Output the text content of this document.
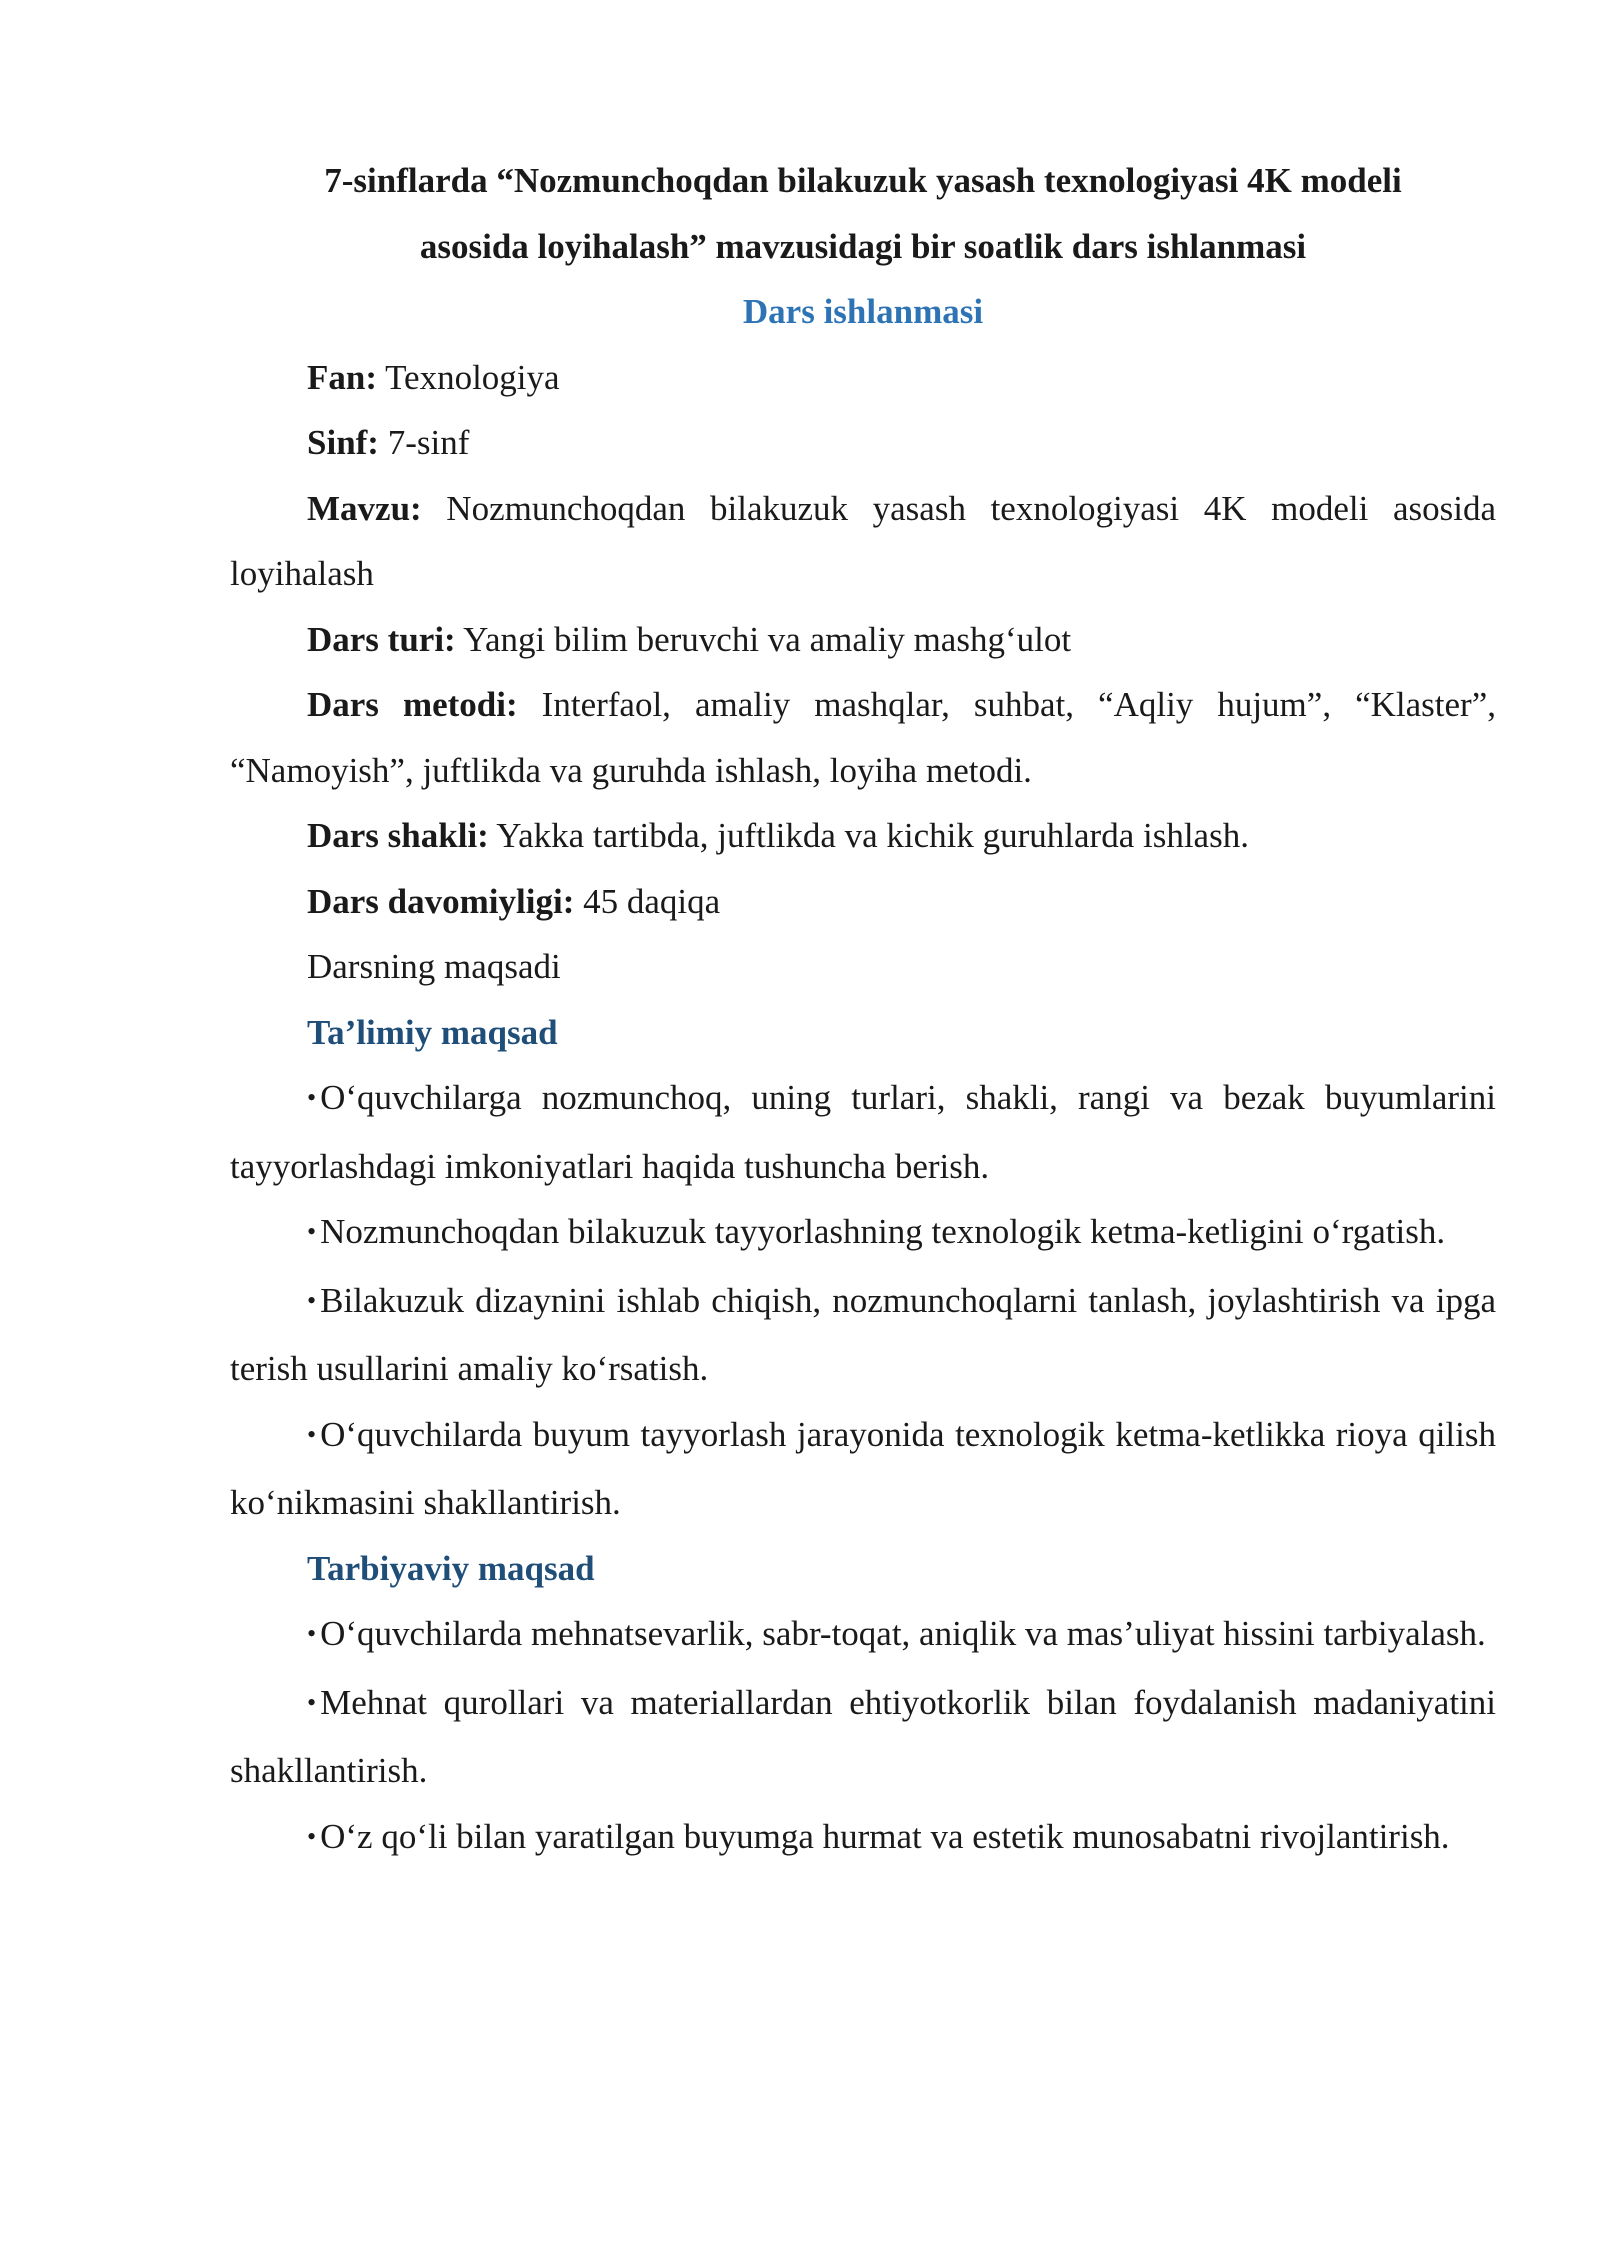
7-sinflarda “Nozmunchoqdan bilakuzuk yasash texnologiyasi 4K modeli

asosida loyihalash” mavzusidagi bir soatlik dars ishlanmasi

Dars ishlanmasi

Fan: Texnologiya

Sinf: 7-sinf

Mavzu: Nozmunchoqdan bilakuzuk yasash texnologiyasi 4K modeli asosida loyihalash

Dars turi: Yangi bilim beruvchi va amaliy mashg‘ulot

Dars metodi: Interfaol, amaliy mashqlar, suhbat, “Aqliy hujum”, “Klaster”, “Namoyish”, juftlikda va guruhda ishlash, loyiha metodi.

Dars shakli: Yakka tartibda, juftlikda va kichik guruhlarda ishlash.

Dars davomiyligi: 45 daqiqa

Darsning maqsadi

Ta’limiy maqsad

• O‘quvchilarga nozmunchoq, uning turlari, shakli, rangi va bezak buyumlarini tayyorlashdagi imkoniyatlari haqida tushuncha berish.

• Nozmunchoqdan bilakuzuk tayyorlashning texnologik ketma-ketligini o‘rgatish.

• Bilakuzuk dizaynini ishlab chiqish, nozmunchoqlarni tanlash, joylashtirish va ipga terish usullarini amaliy ko‘rsatish.

• O‘quvchilarda buyum tayyorlash jarayonida texnologik ketma-ketlikka rioya qilish ko‘nikmasini shakllantirish.

Tarbiyaviy maqsad

• O‘quvchilarda mehnatsevarlik, sabr-toqat, aniqlik va mas’uliyat hissini tarbiyalash.

• Mehnat qurollari va materiallardan ehtiyotkorlik bilan foydalanish madaniyatini shakllantirish.

• O‘z qo‘li bilan yaratilgan buyumga hurmat va estetik munosabatni rivojlantirish.
